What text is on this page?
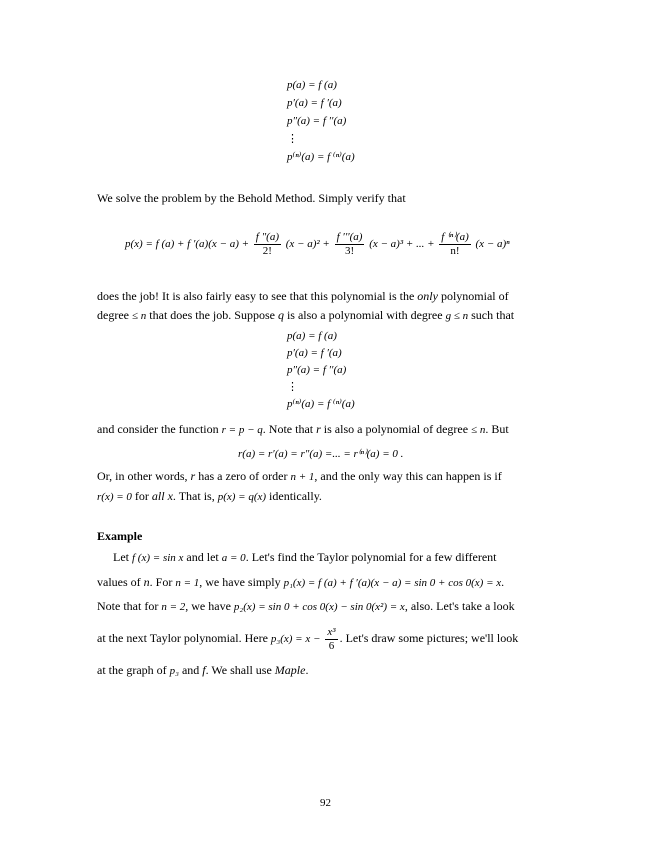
p(a) = f (a)
p′(a) = f ′(a)
p″(a) = f ′′(a)
⋮
p⁽ⁿ⁾(a) = f ⁽ⁿ⁾(a)
We solve the problem by the Behold Method. Simply verify that
p(x) = f (a) + f $'(a)(x - a) + \frac{f ''(a)}{2!} (x - a)^2 + \frac{f '''(a)}{3!} (x - a)^3$ + ... + $\frac{\text{f ⁽ⁿ⁾(a)}}{n!} (x - a)^n$
does the job! It is also fairly easy to see that this polynomial is the only polynomial of
degree ≤ n that does the job. Suppose q is also a polynomial with degree g ≤ n such that
p(a) = f (a)
p′(a) = f ′(a)
p″(a) = f ′′(a)
⋮
p⁽ⁿ⁾(a) = f ⁽ⁿ⁾(a)
and consider the function r = p − q. Note that r is also a polynomial of degree ≤ n. But
r(a) = r′(a) = r″(a) =... = r⁽ⁿ⁾(a) = 0 .
Or, in other words, r has a zero of order n + 1, and the only way this can happen is if
r(x) = 0 for all x. That is, p(x) = q(x) identically.
Example
Let f (x) = sin x and let a = 0. Let's find the Taylor polynomial for a few different
values of n. For n = 1, we have simply p₁(x) = f (a) + f ′(a)(x − a) = sin 0 + cos 0(x) = x.
Note that for n = 2, we have p₂(x) = sin 0 + cos 0(x) − sin 0(x²) = x, also. Let's take a look
at the next Taylor polynomial. Here $p_3(x) = x - \frac{\text{x³}}{6}$ . Let's draw some pictures; we'll look
at the graph of p₃ and f. We shall use Maple.
92
